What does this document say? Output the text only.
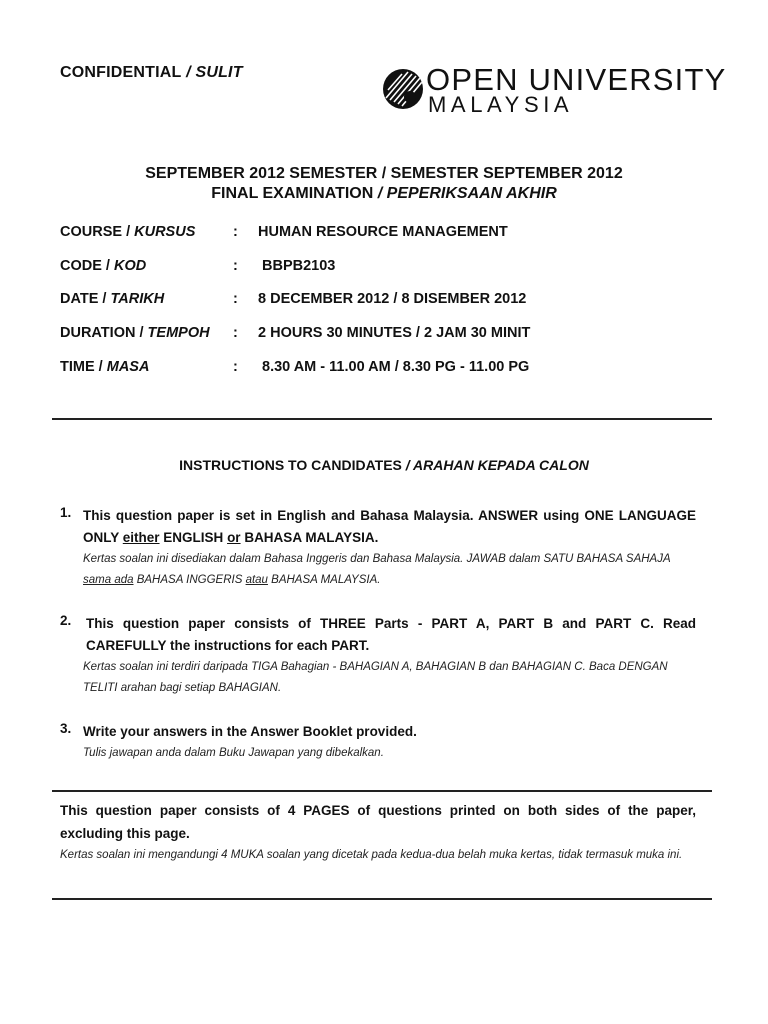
CONFIDENTIAL / SULIT	OPEN UNIVERSITY
MALAYSIA
SEPTEMBER 2012 SEMESTER / SEMESTER SEPTEMBER 2012
FINAL EXAMINATION / PEPERIKSAAN AKHIR
COURSE / KURSUS	: HUMAN RESOURCE MANAGEMENT
CODE / KOD	: BBPB2103
DATE / TARIKH	: 8 DECEMBER 2012 / 8 DISEMBER 2012
DURATION / TEMPOH : 2 HOURS 30 MINUTES / 2 JAM 30 MINIT
TIME / MASA	: 8.30 AM - 11.00 AM / 8.30 PG - 11.00 PG
INSTRUCTIONS TO CANDIDATES / ARAHAN KEPADA CALON
1. This question paper is set in English and Bahasa Malaysia. ANSWER using ONE LANGUAGE ONLY either ENGLISH or BAHASA MALAYSIA.
Kertas soalan ini disediakan dalam Bahasa Inggeris dan Bahasa Malaysia. JAWAB dalam SATU BAHASA SAHAJA sama ada BAHASA INGGERIS atau BAHASA MALAYSIA.
2. This question paper consists of THREE Parts - PART A, PART B and PART C. Read CAREFULLY the instructions for each PART.
Kertas soalan ini terdiri daripada TIGA Bahagian - BAHAGIAN A, BAHAGIAN B dan BAHAGIAN C. Baca DENGAN TELITI arahan bagi setiap BAHAGIAN.
3. Write your answers in the Answer Booklet provided.
Tulis jawapan anda dalam Buku Jawapan yang dibekalkan.
This question paper consists of 4 PAGES of questions printed on both sides of the paper, excluding this page.
Kertas soalan ini mengandungi 4 MUKA soalan yang dicetak pada kedua-dua belah muka kertas, tidak termasuk muka ini.
